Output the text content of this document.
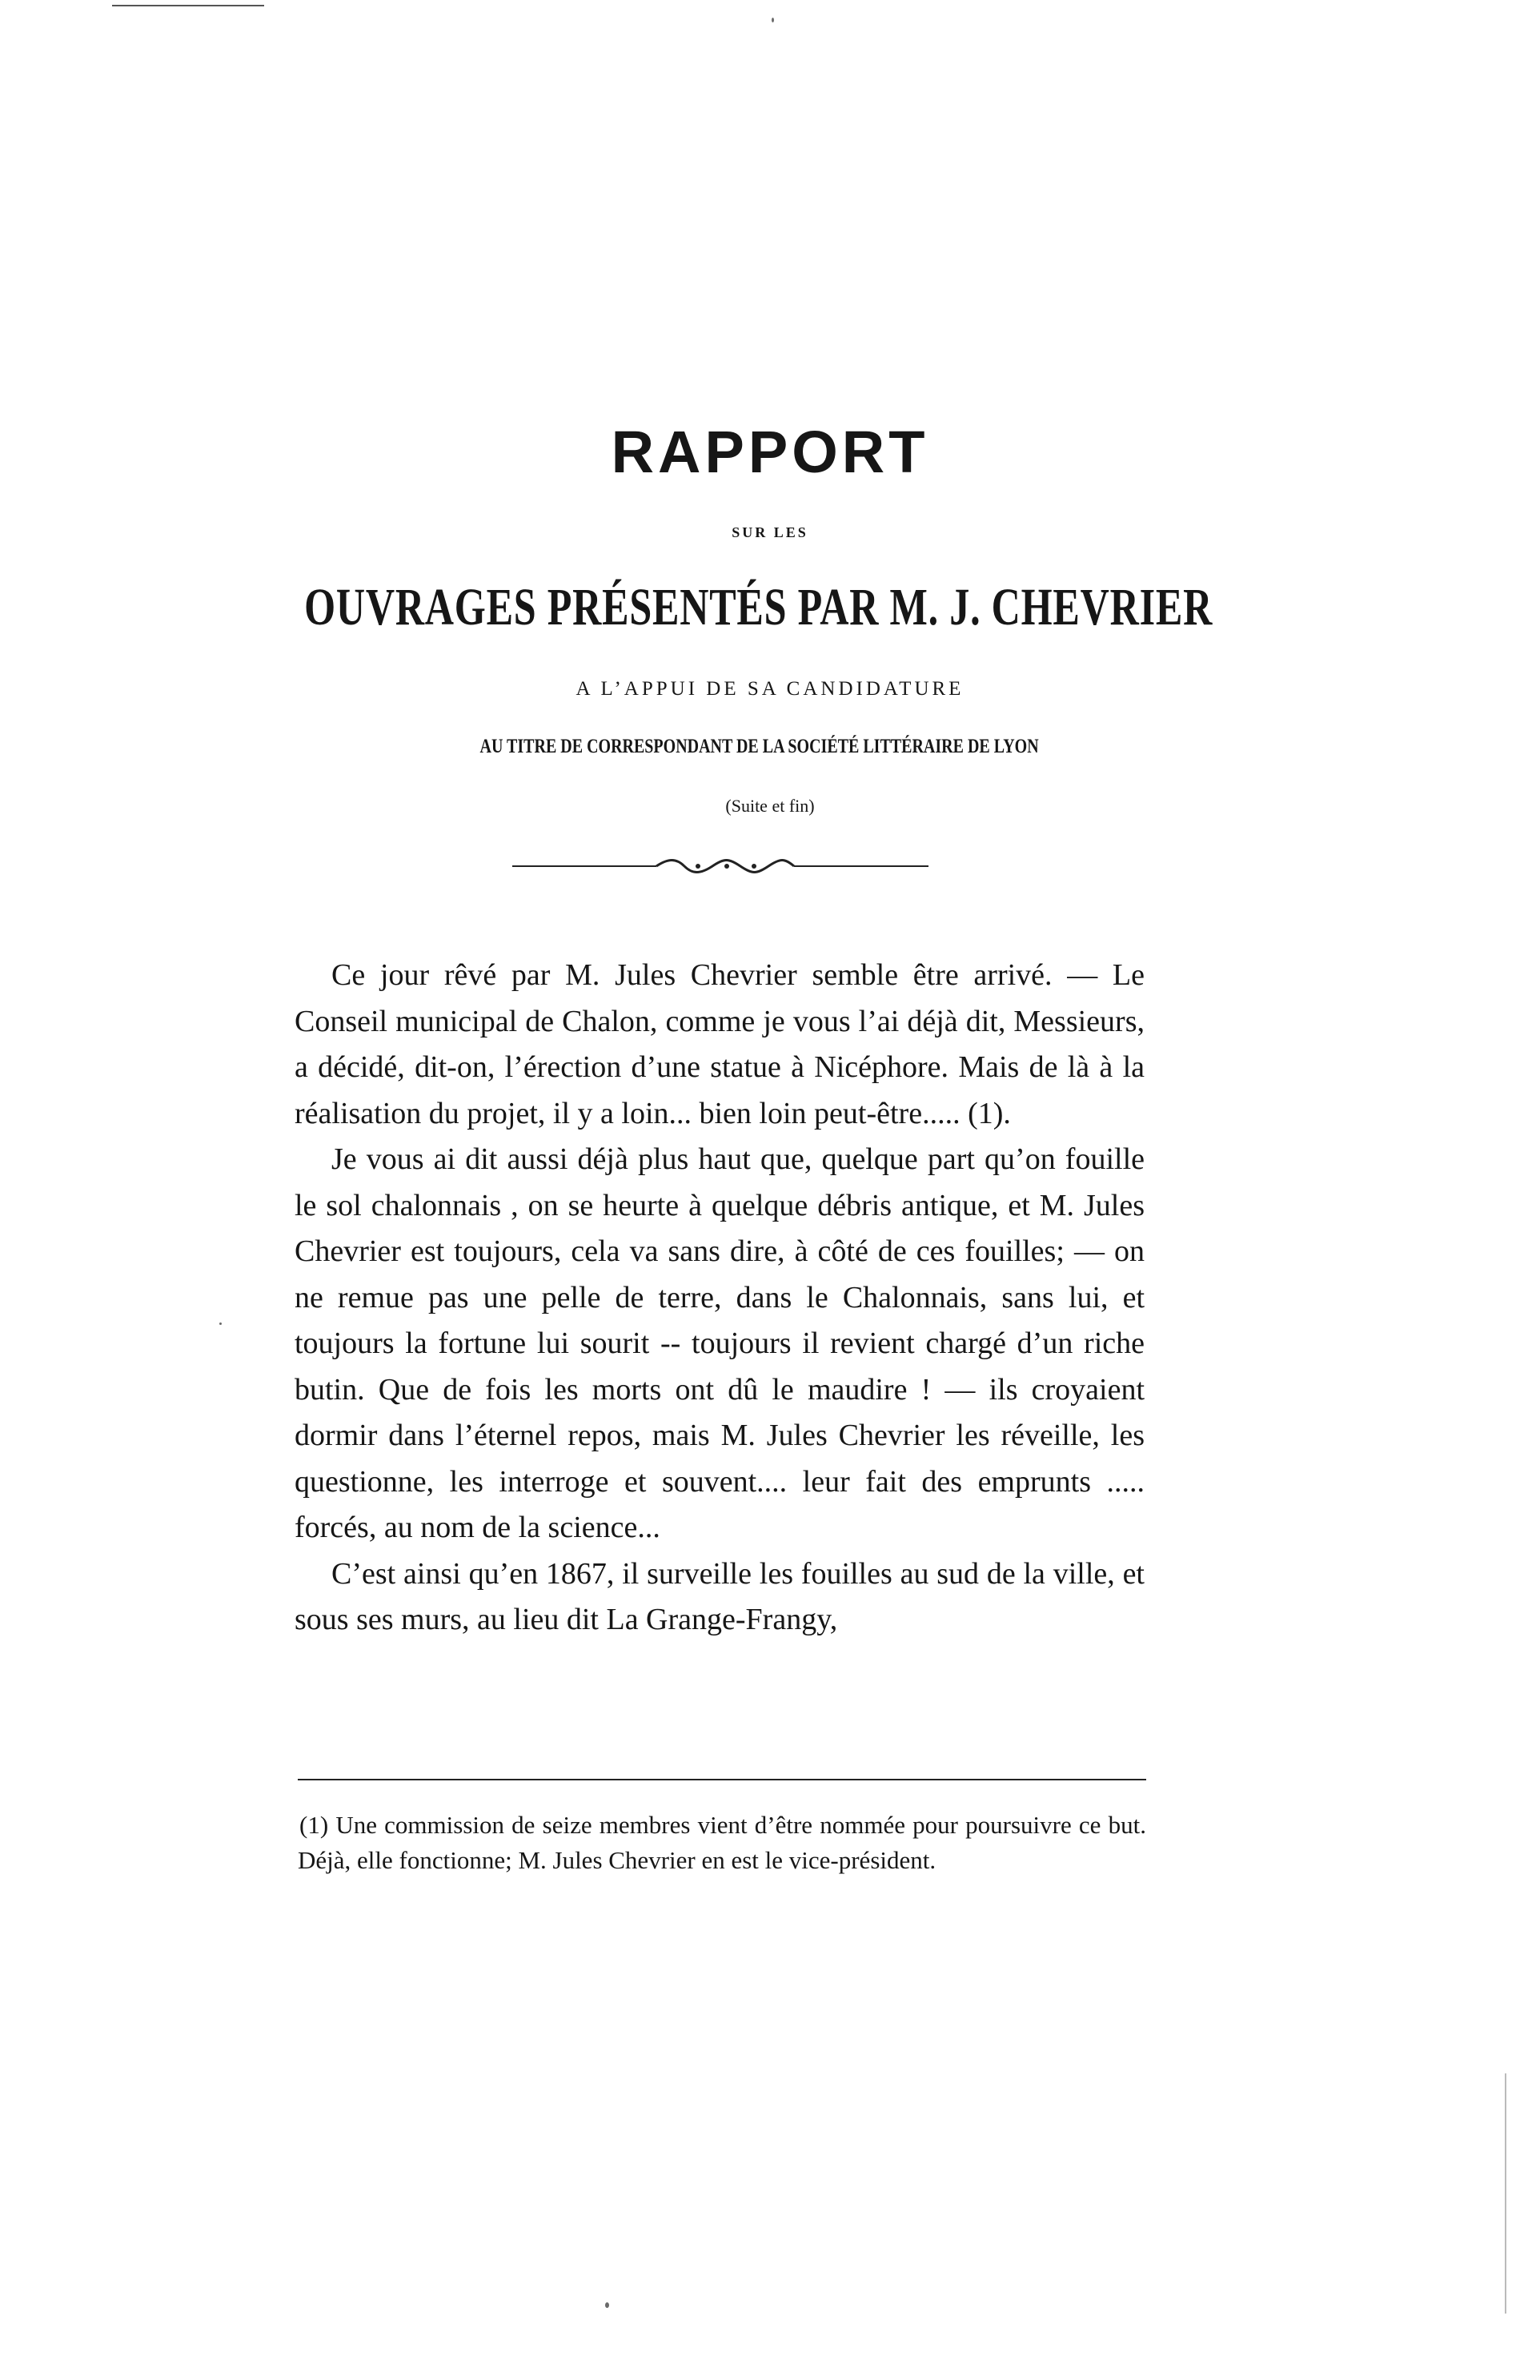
RAPPORT
SUR LES
OUVRAGES PRÉSENTÉS PAR M. J. CHEVRIER
A L’APPUI DE SA CANDIDATURE
AU TITRE DE CORRESPONDANT DE LA SOCIÉTÉ LITTÉRAIRE DE LYON
(Suite et fin)

Ce jour rêvé par M. Jules Chevrier semble être arrivé. — Le Conseil municipal de Chalon, comme je vous l’ai déjà dit, Messieurs, a décidé, dit-on, l’érection d’une statue à Nicéphore. Mais de là à la réalisation du projet, il y a loin... bien loin peut-être..... (1).

Je vous ai dit aussi déjà plus haut que, quelque part qu’on fouille le sol chalonnais , on se heurte à quelque débris antique, et M. Jules Chevrier est toujours, cela va sans dire, à côté de ces fouilles; — on ne remue pas une pelle de terre, dans le Chalonnais, sans lui, et toujours la fortune lui sourit -- toujours il revient chargé d’un riche butin. Que de fois les morts ont dû le maudire ! — ils croyaient dormir dans l’éternel repos, mais M. Jules Chevrier les réveille, les questionne, les interroge et souvent.... leur fait des emprunts ..... forcés, au nom de la science...

C’est ainsi qu’en 1867, il surveille les fouilles au sud de la ville, et sous ses murs, au lieu dit La Grange-Frangy,

(1) Une commission de seize membres vient d’être nommée pour poursuivre ce but. Déjà, elle fonctionne; M. Jules Chevrier en est le vice-président.
